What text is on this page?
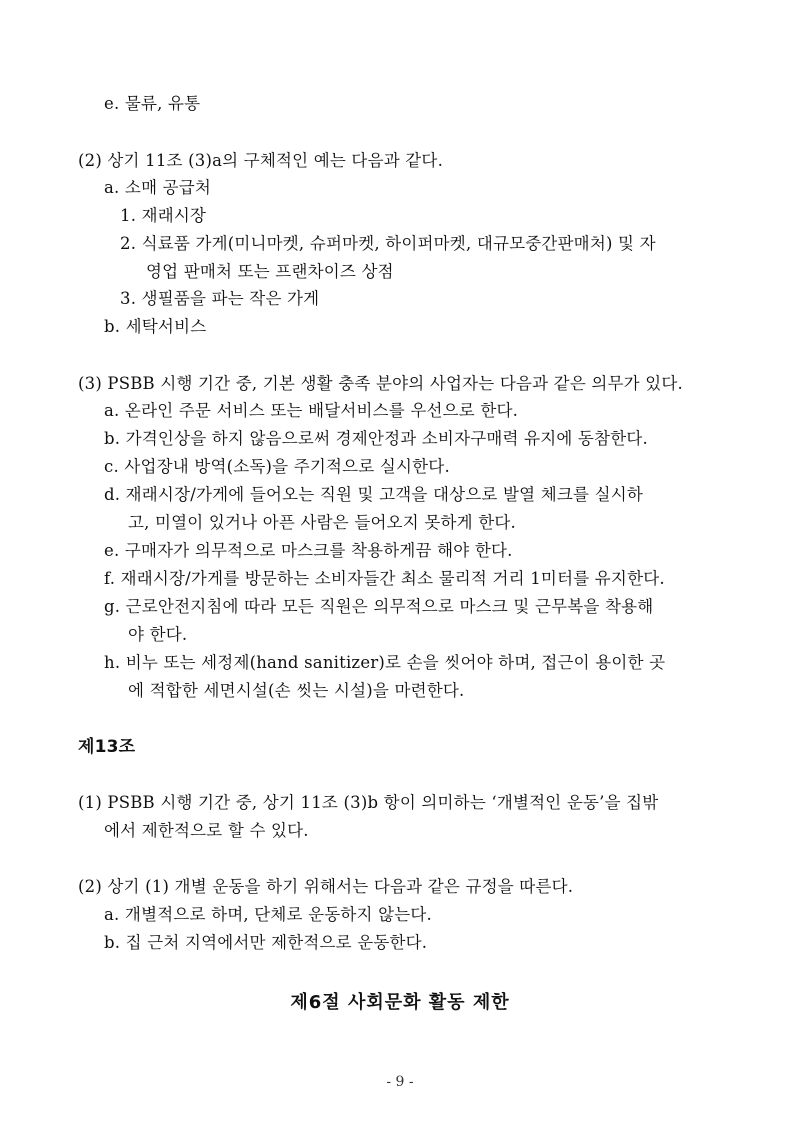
e. 물류, 유통
(2) 상기 11조 (3)a의 구체적인 예는 다음과 같다.
a. 소매 공급처
1. 재래시장
2. 식료품 가게(미니마켓, 슈퍼마켓, 하이퍼마켓, 대규모중간판매처) 및 자
영업 판매처 또는 프랜차이즈 상점
3. 생필품을 파는 작은 가게
b. 세탁서비스
(3) PSBB 시행 기간 중, 기본 생활 충족 분야의 사업자는 다음과 같은 의무가 있다.
a. 온라인 주문 서비스 또는 배달서비스를 우선으로 한다.
b. 가격인상을 하지 않음으로써 경제안정과 소비자구매력 유지에 동참한다.
c. 사업장내 방역(소독)을 주기적으로 실시한다.
d. 재래시장/가게에 들어오는 직원 및 고객을 대상으로 발열 체크를 실시하
고, 미열이 있거나 아픈 사람은 들어오지 못하게 한다.
e. 구매자가 의무적으로 마스크를 착용하게끔 해야 한다.
f. 재래시장/가게를 방문하는 소비자들간 최소 물리적 거리 1미터를 유지한다.
g. 근로안전지침에 따라 모든 직원은 의무적으로 마스크 및 근무복을 착용해
야 한다.
h. 비누 또는 세정제(hand sanitizer)로 손을 씻어야 하며, 접근이 용이한 곳
에 적합한 세면시설(손 씻는 시설)을 마련한다.
제13조
(1) PSBB 시행 기간 중, 상기 11조 (3)b 항이 의미하는 ‘개별적인 운동’을 집밖
에서 제한적으로 할 수 있다.
(2) 상기 (1) 개별 운동을 하기 위해서는 다음과 같은 규정을 따른다.
a. 개별적으로 하며, 단체로 운동하지 않는다.
b. 집 근처 지역에서만 제한적으로 운동한다.
제6절 사회문화 활동 제한
- 9 -
